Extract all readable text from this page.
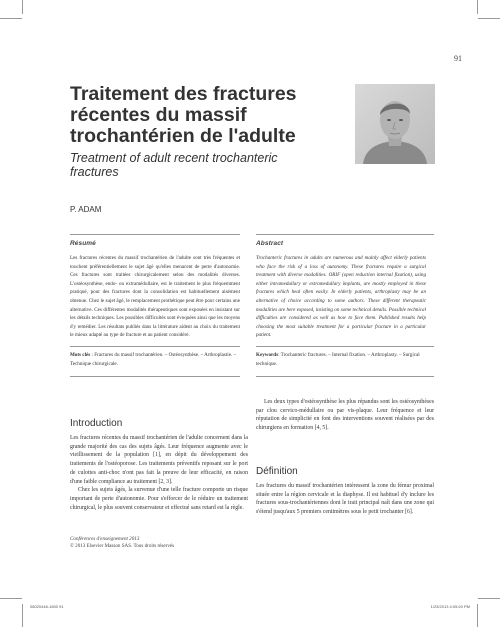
91
Traitement des fractures
récentes du massif
trochantérien de l'adulte
Treatment of adult recent trochanteric
fractures
P. ADAM
Résumé	Abstract
Les fractures récentes du massif trochantérien de l'adulte sont très fréquentes et touchent préférentiellement le sujet âgé qu'elles menacent de perte d'autonomie. Ces fractures sont traitées chirurgicalement selon des modalités diverses. L'ostéosynthèse, endo- ou extramédullaire, est le traitement le plus fréquemment pratiqué, pour des fractures dont la consolidation est habituellement aisément obtenue. Chez le sujet âgé, le remplacement prothétique peut être pour certains une alternative. Ces différentes modalités thérapeutiques sont exposées en insistant sur les détails techniques. Les possibles difficultés sont évoquées ainsi que les moyens d'y remédier. Les résultats publiés dans la littérature aident au choix du traitement le mieux adapté au type de fracture et au patient considéré.
Trochanteric fractures in adults are numerous and mainly affect elderly patients who face the risk of a loss of autonomy. These fractures require a surgical treatment with diverse modalities. ORIF (open reduction internal fixation), using either intramedullary or extramedullary implants, are mostly employed in these fractures which heal often easily. In elderly patients, arthroplasty may be an alternative of choice according to some authors. These different therapeutic modalities are here exposed, insisting on some technical details. Possible technical difficulties are considered as well as how to face them. Published results help choosing the most suitable treatment for a particular fracture in a particular patient.
Mots clés : Fractures du massif trochantérien. – Ostéosynthèse. – Arthroplastie. – Technique chirurgicale.
Keywords: Trochanteric fractures. – Internal fixation. – Arthroplasty. – Surgical technique.
Introduction

Les fractures récentes du massif trochantérien de l'adulte concernent dans la grande majorité des cas des sujets âgés. Leur fréquence augmente avec le vieillissement de la population [1], en dépit du développement des traitements de l'ostéoporose. Les traitements préventifs reposant sur le port de culottes anti-choc n'ont pas fait la preuve de leur efficacité, en raison d'une faible compliance au traitement [2, 3].

Chez les sujets âgés, la survenue d'une telle fracture comporte un risque important de perte d'autonomie. Pour s'efforcer de le réduire un traitement chirurgical, le plus souvent conservateur et effectué sans retard est la règle.

Les deux types d'ostéosynthèse les plus répandus sont les ostéosynthèses par clou cervico-médullaire ou par vis-plaque. Leur fréquence et leur réputation de simplicité en font des interventions souvent réalisées par des chirurgiens en formation [4, 5].

Définition

Les fractures du massif trochantérien intéressent la zone du fémur proximal située entre la région cervicale et la diaphyse. Il est habituel d'y inclure les fractures sous-trochantériennes dont le trait principal naît dans une zone qui s'étend jusqu'aux 5 premiers centimètres sous le petit trochanter [6].

Conférences d'enseignement 2013
© 2013 Elsevier Masson SAS. Tous droits réservés
08020446-1800 91	1/23/2013 4:05:20 PM
